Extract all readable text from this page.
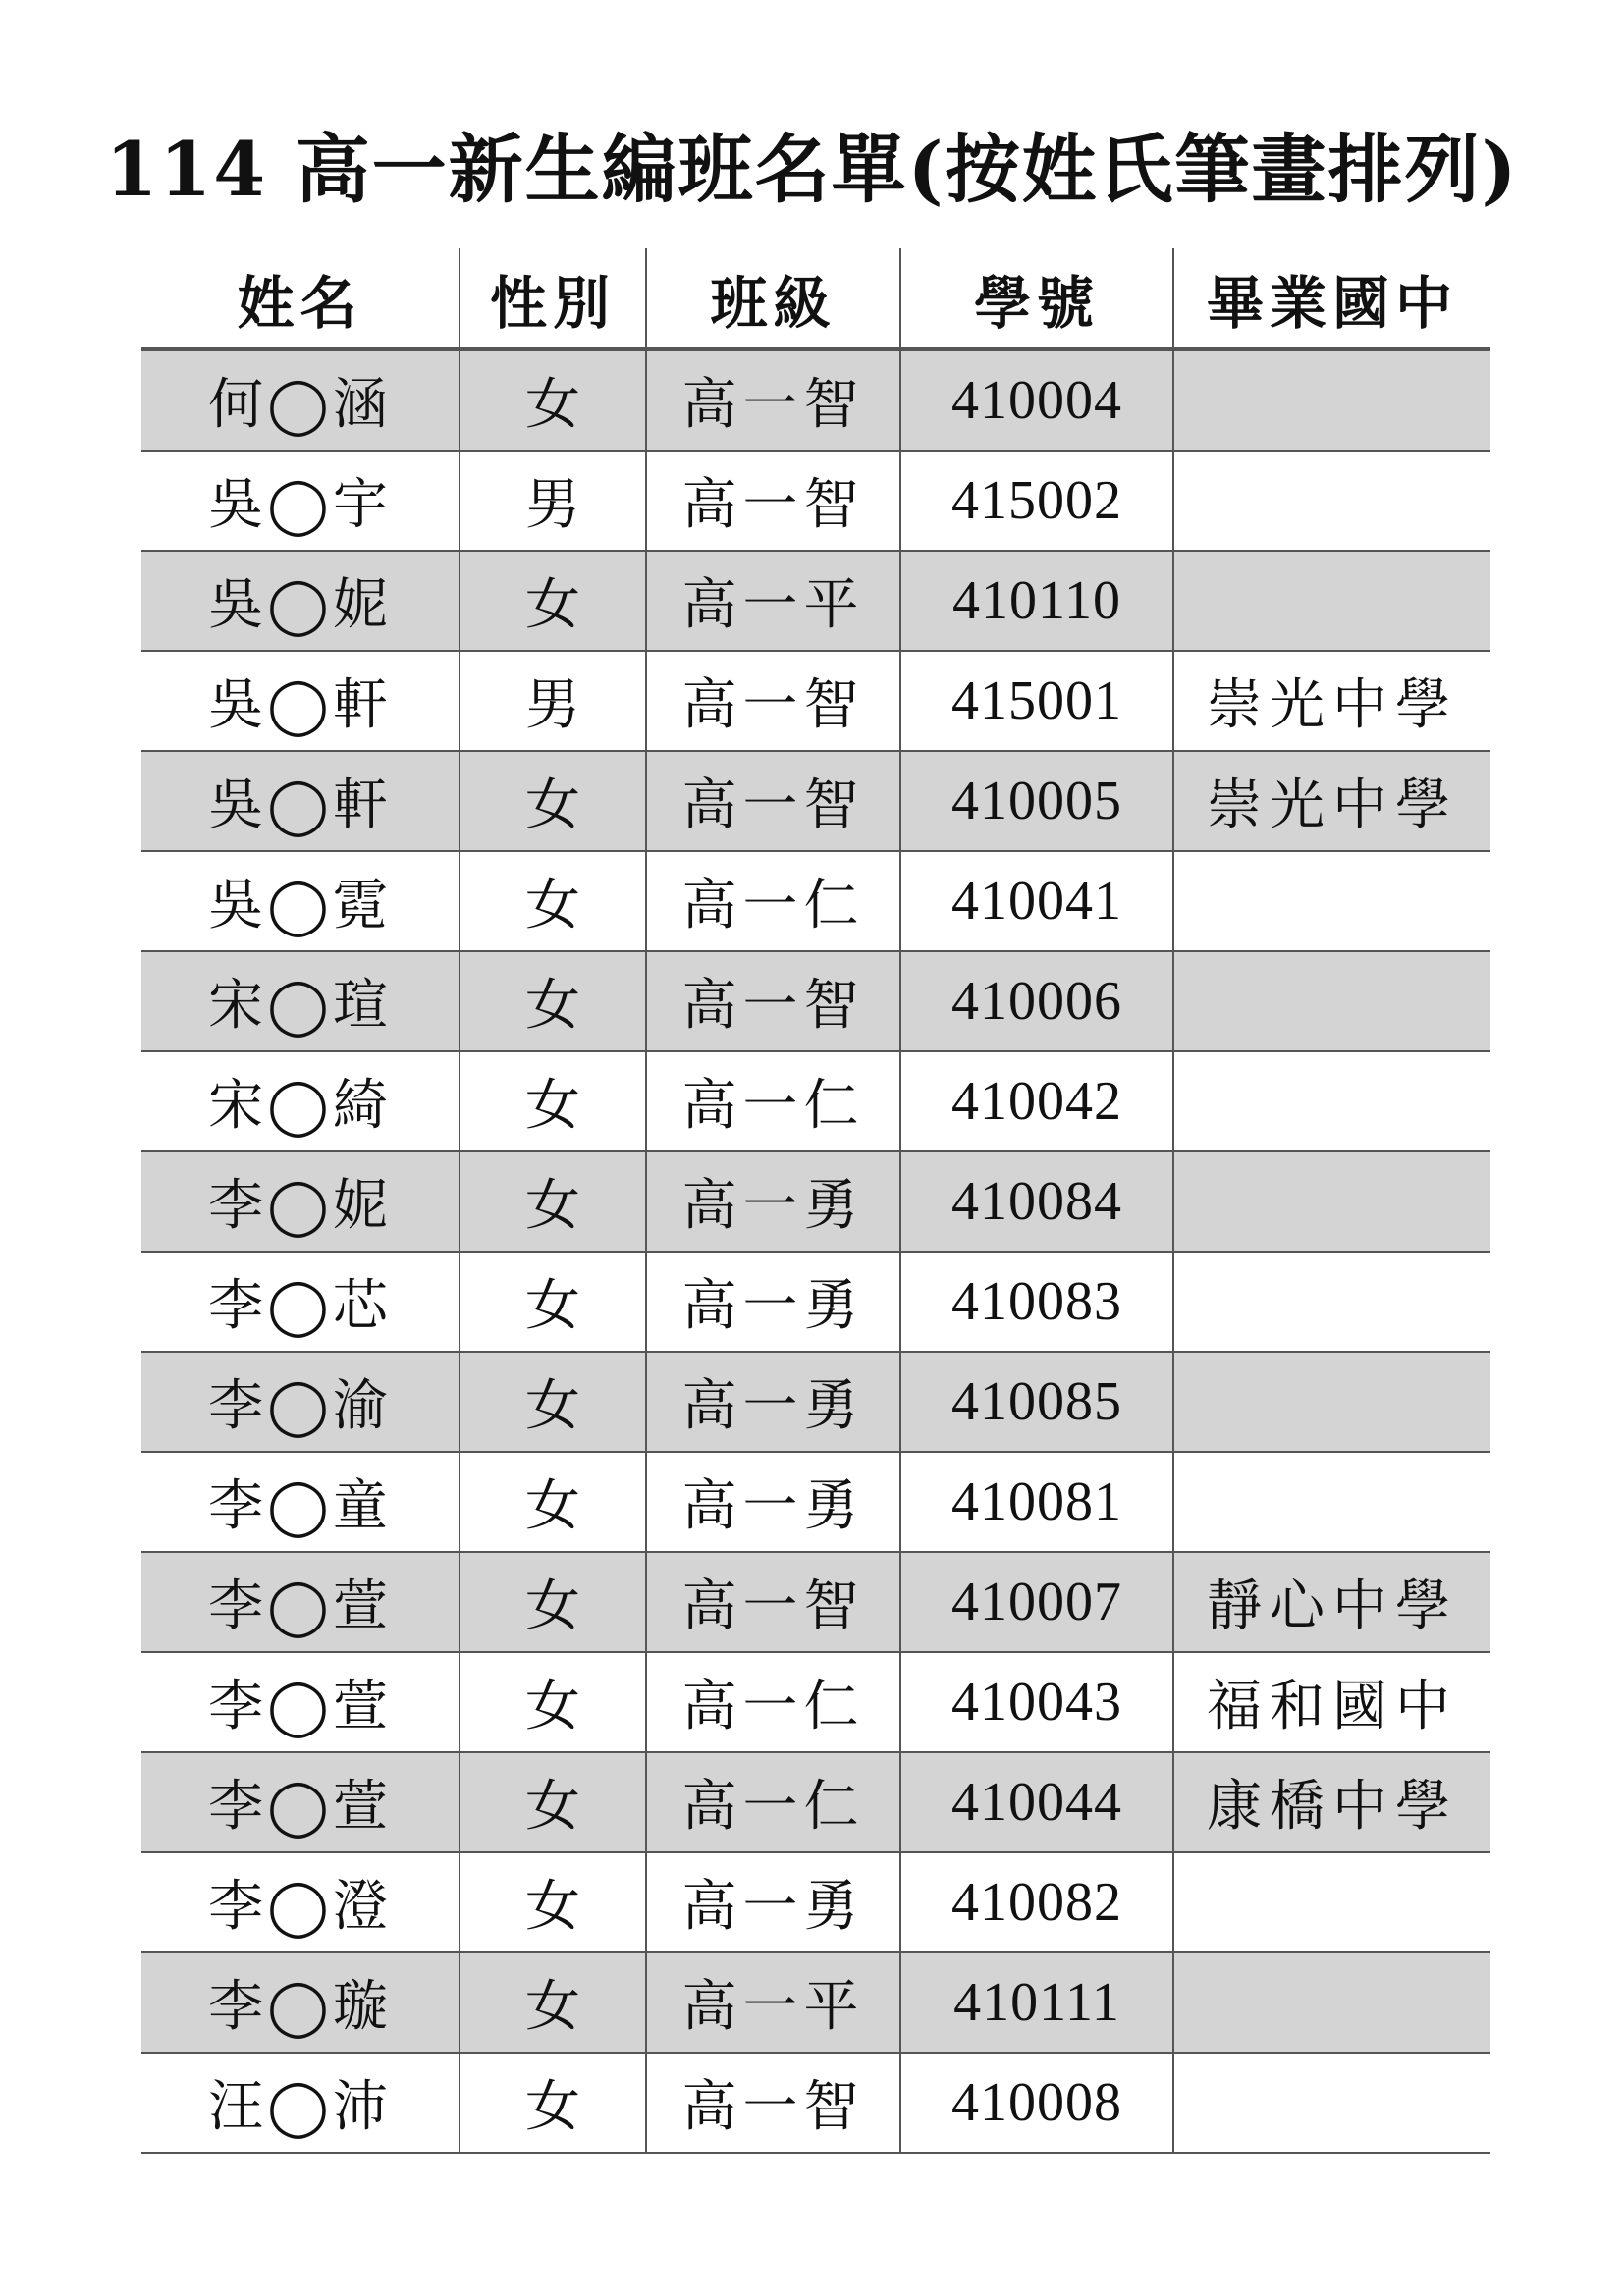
114 高一新生編班名單(按姓氏筆畫排列)
姓名	性別	班級	學號	畢業國中
何◯涵	女	高一智	410004	
吳◯宇	男	高一智	415002	
吳◯妮	女	高一平	410110	
吳◯軒	男	高一智	415001	崇光中學
吳◯軒	女	高一智	410005	崇光中學
吳◯霓	女	高一仁	410041	
宋◯瑄	女	高一智	410006	
宋◯綺	女	高一仁	410042	
李◯妮	女	高一勇	410084	
李◯芯	女	高一勇	410083	
李◯渝	女	高一勇	410085	
李◯童	女	高一勇	410081	
李◯萱	女	高一智	410007	靜心中學
李◯萱	女	高一仁	410043	福和國中
李◯萱	女	高一仁	410044	康橋中學
李◯澄	女	高一勇	410082	
李◯璇	女	高一平	410111	
汪◯沛	女	高一智	410008	
